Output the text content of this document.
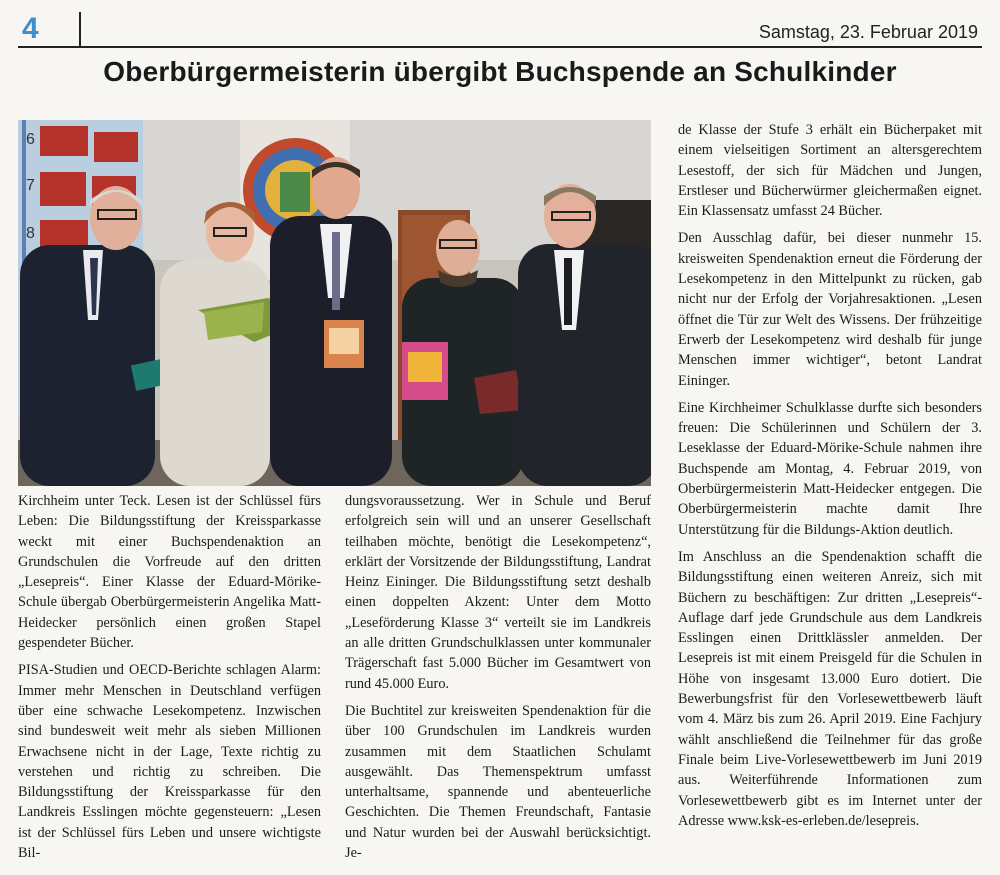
4	Samstag, 23. Februar 2019
Oberbürgermeisterin übergibt Buchspende an Schulkinder
6
7
8

Kirchheim unter Teck. Lesen ist der Schlüssel fürs Leben: Die Bildungsstiftung der Kreissparkasse weckt mit einer Buchspendenaktion an Grundschulen die Vorfreude auf den dritten „Lesepreis“. Einer Klasse der Eduard-Mörike-Schule übergab Oberbürgermeisterin Angelika Matt-Heidecker persönlich einen großen Stapel gespendeter Bücher.

PISA-Studien und OECD-Berichte schlagen Alarm: Immer mehr Menschen in Deutschland verfügen über eine schwache Lesekompetenz. Inzwischen sind bundesweit weit mehr als sieben Millionen Erwachsene nicht in der Lage, Texte richtig zu verstehen und richtig zu schreiben. Die Bildungsstiftung der Kreissparkasse für den Landkreis Esslingen möchte gegensteuern: „Lesen ist der Schlüssel fürs Leben und unsere wichtigste Bil-

dungsvoraussetzung. Wer in Schule und Beruf erfolgreich sein will und an unserer Gesellschaft teilhaben möchte, benötigt die Lesekompetenz“, erklärt der Vorsitzende der Bildungsstiftung, Landrat Heinz Eininger. Die Bildungsstiftung setzt deshalb einen doppelten Akzent: Unter dem Motto „Leseförderung Klasse 3“ verteilt sie im Landkreis an alle dritten Grundschulklassen unter kommunaler Trägerschaft fast 5.000 Bücher im Gesamtwert von rund 45.000 Euro.

Die Buchtitel zur kreisweiten Spendenaktion für die über 100 Grundschulen im Landkreis wurden zusammen mit dem Staatlichen Schulamt ausgewählt. Das Themenspektrum umfasst unterhaltsame, spannende und abenteuerliche Geschichten. Die Themen Freundschaft, Fantasie und Natur wurden bei der Auswahl berücksichtigt. Je-

de Klasse der Stufe 3 erhält ein Bücherpaket mit einem vielseitigen Sortiment an altersgerechtem Lesestoff, der sich für Mädchen und Jungen, Erstleser und Bücherwürmer gleichermaßen eignet. Ein Klassensatz umfasst 24 Bücher.

Den Ausschlag dafür, bei dieser nunmehr 15. kreisweiten Spendenaktion erneut die Förderung der Lesekompetenz in den Mittelpunkt zu rücken, gab nicht nur der Erfolg der Vorjahresaktionen. „Lesen öffnet die Tür zur Welt des Wissens. Der frühzeitige Erwerb der Lesekompetenz wird deshalb für junge Menschen immer wichtiger“, betont Landrat Eininger.

Eine Kirchheimer Schulklasse durfte sich besonders freuen: Die Schülerinnen und Schülern der 3. Leseklasse der Eduard-Mörike-Schule nahmen ihre Buchspende am Montag, 4. Februar 2019, von Oberbürgermeisterin Matt-Heidecker entgegen. Die Oberbürgermeisterin machte damit Ihre Unterstützung für die Bildungs-Aktion deutlich.

Im Anschluss an die Spendenaktion schafft die Bildungsstiftung einen weiteren Anreiz, sich mit Büchern zu beschäftigen: Zur dritten „Lesepreis“-Auflage darf jede Grundschule aus dem Landkreis Esslingen einen Drittklässler anmelden. Der Lesepreis ist mit einem Preisgeld für die Schulen in Höhe von insgesamt 13.000 Euro dotiert. Die Bewerbungsfrist für den Vorlesewettbewerb läuft vom 4. März bis zum 26. April 2019. Eine Fachjury wählt anschließend die Teilnehmer für das große Finale beim Live-Vorlesewettbewerb im Juni 2019 aus. Weiterführende Informationen zum Vorlesewettbewerb gibt es im Internet unter der Adresse www.ksk-es-erleben.de/lesepreis.
